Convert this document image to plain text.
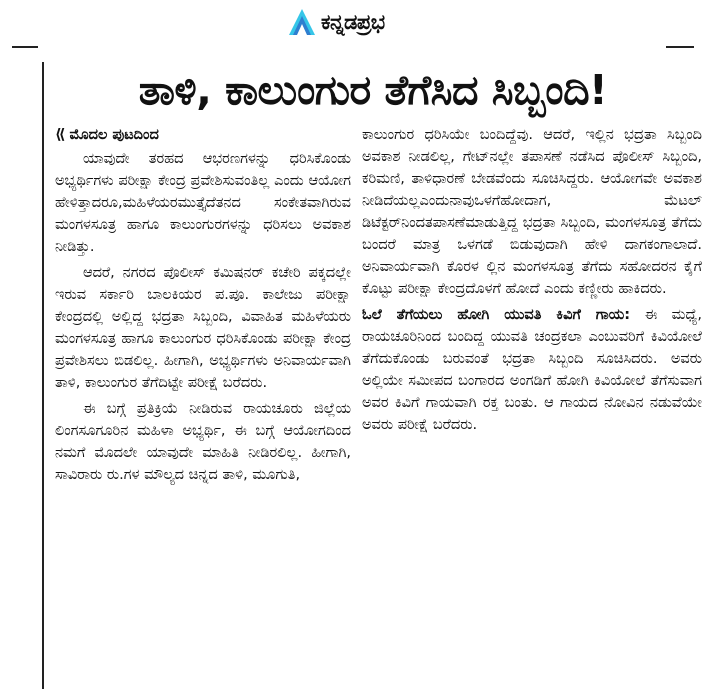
ಕನ್ನಡಪ್ರಭ
ತಾಳಿ, ಕಾಲುಂಗುರ ತೆಗೆಸಿದ ಸಿಬ್ಬಂದಿ!
⟪ ಮೊದಲ ಪುಟದಿಂದ

ಯಾವುದೇ ತರಹದ ಆಭರಣಗಳನ್ನು ಧರಿಸಿಕೊಂಡು ಅಭ್ಯರ್ಥಿಗಳು ಪರೀಕ್ಷಾ ಕೇಂದ್ರ ಪ್ರವೇಶಿಸುವಂತಿಲ್ಲ ಎಂದು ಆಯೋಗ ಹೇಳಿತ್ತಾದರೂ,ಮಹಿಳೆಯರಮುತ್ತೈದೆತನದ ಸಂಕೇತವಾಗಿರುವ ಮಂಗಳಸೂತ್ರ ಹಾಗೂ ಕಾಲುಂಗುರಗಳನ್ನು ಧರಿಸಲು ಅವಕಾಶ ನೀಡಿತ್ತು.

ಆದರೆ, ನಗರದ ಪೊಲೀಸ್ ಕಮಿಷನರ್ ಕಚೇರಿ ಪಕ್ಕದಲ್ಲೇ ಇರುವ ಸರ್ಕಾರಿ ಬಾಲಕಿಯರ ಪ.ಪೂ. ಕಾಲೇಜು ಪರೀಕ್ಷಾ ಕೇಂದ್ರದಲ್ಲಿ ಅಲ್ಲಿದ್ದ ಭದ್ರತಾ ಸಿಬ್ಬಂದಿ, ವಿವಾಹಿತ ಮಹಿಳೆಯರು ಮಂಗಳಸೂತ್ರ ಹಾಗೂ ಕಾಲುಂಗುರ ಧರಿಸಿಕೊಂಡು ಪರೀಕ್ಷಾ ಕೇಂದ್ರ ಪ್ರವೇಶಿಸಲು ಬಿಡಲಿಲ್ಲ. ಹೀಗಾಗಿ, ಅಭ್ಯರ್ಥಿಗಳು ಅನಿವಾರ್ಯವಾಗಿ ತಾಳಿ, ಕಾಲುಂಗುರ ತೆಗೆದಿಟ್ಟೇ ಪರೀಕ್ಷೆ ಬರೆದರು.

ಈ ಬಗ್ಗೆ ಪ್ರತಿಕ್ರಿಯೆ ನೀಡಿರುವ ರಾಯಚೂರು ಜಿಲ್ಲೆಯ ಲಿಂಗಸೂಗೂರಿನ ಮಹಿಳಾ ಅಭ್ಯರ್ಥಿ, ಈ ಬಗ್ಗೆ ಆಯೋಗದಿಂದ ನಮಗೆ ಮೊದಲೇ ಯಾವುದೇ ಮಾಹಿತಿ ನೀಡಿರಲಿಲ್ಲ. ಹೀಗಾಗಿ, ಸಾವಿರಾರು ರು.ಗಳ ಮೌಲ್ಯದ ಚಿನ್ನದ ತಾಳಿ, ಮೂಗುತಿ,

ಕಾಲುಂಗುರ ಧರಿಸಿಯೇ ಬಂದಿದ್ದೆವು. ಆದರೆ, ಇಲ್ಲಿನ ಭದ್ರತಾ ಸಿಬ್ಬಂದಿ ಅವಕಾಶ ನೀಡಲಿಲ್ಲ, ಗೇಟ್‌ನಲ್ಲೇ ತಪಾಸಣೆ ನಡೆಸಿದ ಪೊಲೀಸ್ ಸಿಬ್ಬಂದಿ, ಕರಿಮಣಿ, ತಾಳಿಧಾರಣೆ ಬೇಡವೆಂದು ಸೂಚಿಸಿದ್ದರು. ಆಯೋಗವೇ ಅವಕಾಶ ನೀಡಿದೆಯಲ್ಲಎಂದುನಾವುಒಳಗೆಹೋದಾಗ, ಮೆಟಲ್ ಡಿಟೆಕ್ಟರ್‌ನಿಂದತಪಾಸಣೆಮಾಡುತ್ತಿದ್ದ ಭದ್ರತಾ ಸಿಬ್ಬಂದಿ, ಮಂಗಳಸೂತ್ರ ತೆಗೆದು ಬಂದರೆ ಮಾತ್ರ ಒಳಗಡೆ ಬಿಡುವುದಾಗಿ ಹೇಳಿ ದಾಗಕಂಗಾಲಾದೆ. ಅನಿವಾರ್ಯವಾಗಿ ಕೊರಳ ಲ್ಲಿನ ಮಂಗಳಸೂತ್ರ ತೆಗೆದು ಸಹೋದರನ ಕೈಗೆ ಕೊಟ್ಟು ಪರೀಕ್ಷಾ ಕೇಂದ್ರದೊಳಗೆ ಹೋದೆ ಎಂದು ಕಣ್ಣೀರು ಹಾಕಿದರು.

ಓಲೆ ತೆಗೆಯಲು ಹೋಗಿ ಯುವತಿ ಕಿವಿಗೆ ಗಾಯ: ಈ ಮಧ್ಯೆ, ರಾಯಚೂರಿನಿಂದ ಬಂದಿದ್ದ ಯುವತಿ ಚಂದ್ರಕಲಾ ಎಂಬುವರಿಗೆ ಕಿವಿಯೋಲೆ ತೆಗೆದುಕೊಂಡು ಬರುವಂತೆ ಭದ್ರತಾ ಸಿಬ್ಬಂದಿ ಸೂಚಿಸಿದರು. ಅವರು ಅಲ್ಲಿಯೇ ಸಮೀಪದ ಬಂಗಾರದ ಅಂಗಡಿಗೆ ಹೋಗಿ ಕಿವಿಯೋಲೆ ತೆಗೆಸುವಾಗ ಅವರ ಕಿವಿಗೆ ಗಾಯವಾಗಿ ರಕ್ತ ಬಂತು. ಆ ಗಾಯದ ನೋವಿನ ನಡುವೆಯೇ ಅವರು ಪರೀಕ್ಷೆ ಬರೆದರು.
